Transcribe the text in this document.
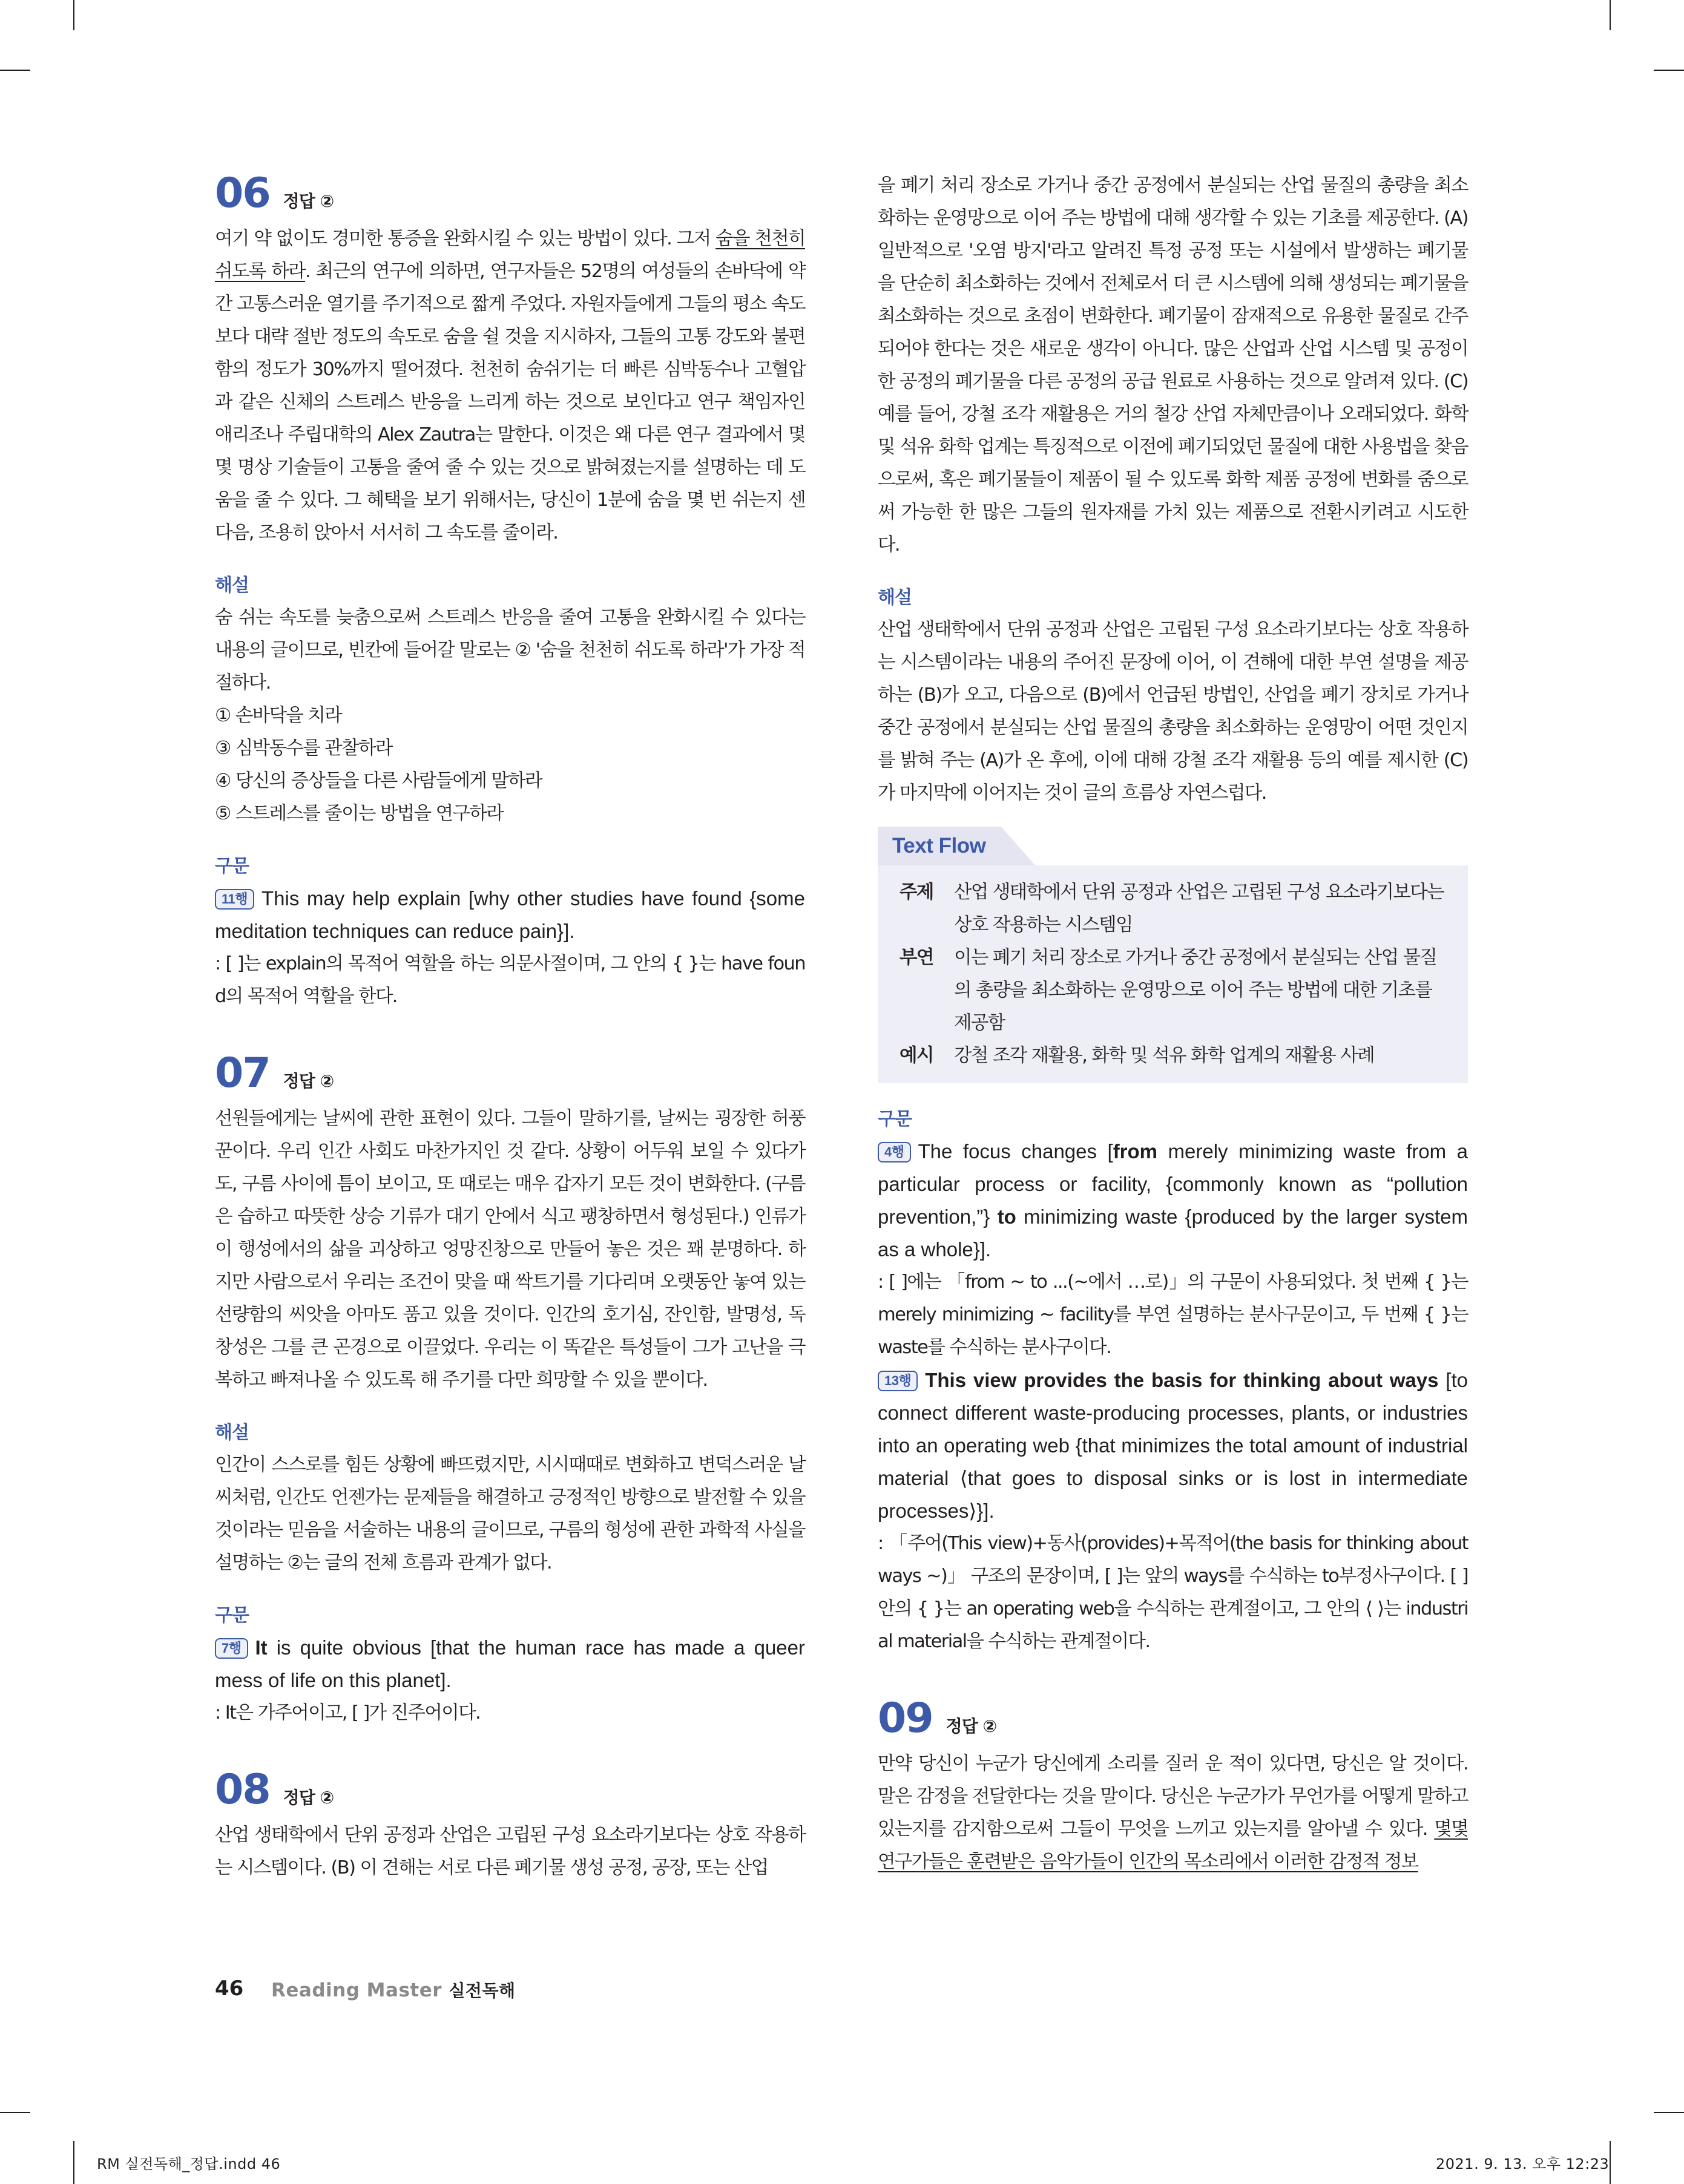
06 정답 ②

여기 약 없이도 경미한 통증을 완화시킬 수 있는 방법이 있다. 그저 숨을 천천히 쉬도록 하라. 최근의 연구에 의하면, 연구자들은 52명의 여성들의 손바닥에 약간 고통스러운 열기를 주기적으로 짧게 주었다. 자원자들에게 그들의 평소 속도보다 대략 절반 정도의 속도로 숨을 쉴 것을 지시하자, 그들의 고통 강도와 불편함의 정도가 30%까지 떨어졌다. 천천히 숨쉬기는 더 빠른 심박동수나 고혈압과 같은 신체의 스트레스 반응을 느리게 하는 것으로 보인다고 연구 책임자인 애리조나 주립대학의 Alex Zautra는 말한다. 이것은 왜 다른 연구 결과에서 몇몇 명상 기술들이 고통을 줄여 줄 수 있는 것으로 밝혀졌는지를 설명하는 데 도움을 줄 수 있다. 그 혜택을 보기 위해서는, 당신이 1분에 숨을 몇 번 쉬는지 센 다음, 조용히 앉아서 서서히 그 속도를 줄이라.

해설

숨 쉬는 속도를 늦춤으로써 스트레스 반응을 줄여 고통을 완화시킬 수 있다는 내용의 글이므로, 빈칸에 들어갈 말로는 ② '숨을 천천히 쉬도록 하라'가 가장 적절하다.

① 손바닥을 치라

③ 심박동수를 관찰하라

④ 당신의 증상들을 다른 사람들에게 말하라

⑤ 스트레스를 줄이는 방법을 연구하라

구문

11행 This may help explain [why other studies have found {some meditation techniques can reduce pain}].

: [ ]는 explain의 목적어 역할을 하는 의문사절이며, 그 안의 { }는 have found의 목적어 역할을 한다.

07 정답 ②

선원들에게는 날씨에 관한 표현이 있다. 그들이 말하기를, 날씨는 굉장한 허풍꾼이다. 우리 인간 사회도 마찬가지인 것 같다. 상황이 어두워 보일 수 있다가도, 구름 사이에 틈이 보이고, 또 때로는 매우 갑자기 모든 것이 변화한다. (구름은 습하고 따뜻한 상승 기류가 대기 안에서 식고 팽창하면서 형성된다.) 인류가 이 행성에서의 삶을 괴상하고 엉망진창으로 만들어 놓은 것은 꽤 분명하다. 하지만 사람으로서 우리는 조건이 맞을 때 싹트기를 기다리며 오랫동안 놓여 있는 선량함의 씨앗을 아마도 품고 있을 것이다. 인간의 호기심, 잔인함, 발명성, 독창성은 그를 큰 곤경으로 이끌었다. 우리는 이 똑같은 특성들이 그가 고난을 극복하고 빠져나올 수 있도록 해 주기를 다만 희망할 수 있을 뿐이다.

해설

인간이 스스로를 힘든 상황에 빠뜨렸지만, 시시때때로 변화하고 변덕스러운 날씨처럼, 인간도 언젠가는 문제들을 해결하고 긍정적인 방향으로 발전할 수 있을 것이라는 믿음을 서술하는 내용의 글이므로, 구름의 형성에 관한 과학적 사실을 설명하는 ②는 글의 전체 흐름과 관계가 없다.

구문

7행 It is quite obvious [that the human race has made a queer mess of life on this planet].

: It은 가주어이고, [ ]가 진주어이다.

08 정답 ②

산업 생태학에서 단위 공정과 산업은 고립된 구성 요소라기보다는 상호 작용하는 시스템이다. (B) 이 견해는 서로 다른 폐기물 생성 공정, 공장, 또는 산업

을 폐기 처리 장소로 가거나 중간 공정에서 분실되는 산업 물질의 총량을 최소화하는 운영망으로 이어 주는 방법에 대해 생각할 수 있는 기초를 제공한다. (A) 일반적으로 '오염 방지'라고 알려진 특정 공정 또는 시설에서 발생하는 폐기물을 단순히 최소화하는 것에서 전체로서 더 큰 시스템에 의해 생성되는 폐기물을 최소화하는 것으로 초점이 변화한다. 폐기물이 잠재적으로 유용한 물질로 간주되어야 한다는 것은 새로운 생각이 아니다. 많은 산업과 산업 시스템 및 공정이 한 공정의 폐기물을 다른 공정의 공급 원료로 사용하는 것으로 알려져 있다. (C) 예를 들어, 강철 조각 재활용은 거의 철강 산업 자체만큼이나 오래되었다. 화학 및 석유 화학 업계는 특징적으로 이전에 폐기되었던 물질에 대한 사용법을 찾음으로써, 혹은 폐기물들이 제품이 될 수 있도록 화학 제품 공정에 변화를 줌으로써 가능한 한 많은 그들의 원자재를 가치 있는 제품으로 전환시키려고 시도한다.

해설

산업 생태학에서 단위 공정과 산업은 고립된 구성 요소라기보다는 상호 작용하는 시스템이라는 내용의 주어진 문장에 이어, 이 견해에 대한 부연 설명을 제공하는 (B)가 오고, 다음으로 (B)에서 언급된 방법인, 산업을 폐기 장치로 가거나 중간 공정에서 분실되는 산업 물질의 총량을 최소화하는 운영망이 어떤 것인지를 밝혀 주는 (A)가 온 후에, 이에 대해 강철 조각 재활용 등의 예를 제시한 (C)가 마지막에 이어지는 것이 글의 흐름상 자연스럽다.

Text Flow
주제	산업 생태학에서 단위 공정과 산업은 고립된 구성 요소라기보다는 상호 작용하는 시스템임
부연	이는 폐기 처리 장소로 가거나 중간 공정에서 분실되는 산업 물질의 총량을 최소화하는 운영망으로 이어 주는 방법에 대한 기초를 제공함
예시	강철 조각 재활용, 화학 및 석유 화학 업계의 재활용 사례
구문

4행 The focus changes [from merely minimizing waste from a particular process or facility, {commonly known as “pollution prevention,”} to minimizing waste {produced by the larger system as a whole}].

: [ ]에는 「from ~ to ...(~에서 …로)」의 구문이 사용되었다. 첫 번째 { }는 merely minimizing ~ facility를 부연 설명하는 분사구문이고, 두 번째 { }는 waste를 수식하는 분사구이다.

13행 This view provides the basis for thinking about ways [to connect different waste-producing processes, plants, or industries into an operating web {that minimizes the total amount of industrial material ⟨that goes to disposal sinks or is lost in intermediate processes⟩}].

: 「주어(This view)+동사(provides)+목적어(the basis for thinking about ways ~)」 구조의 문장이며, [ ]는 앞의 ways를 수식하는 to부정사구이다. [ ] 안의 { }는 an operating web을 수식하는 관계절이고, 그 안의 ⟨ ⟩는 industrial material을 수식하는 관계절이다.

09 정답 ②

만약 당신이 누군가 당신에게 소리를 질러 운 적이 있다면, 당신은 알 것이다. 말은 감정을 전달한다는 것을 말이다. 당신은 누군가가 무언가를 어떻게 말하고 있는지를 감지함으로써 그들이 무엇을 느끼고 있는지를 알아낼 수 있다. 몇몇 연구가들은 훈련받은 음악가들이 인간의 목소리에서 이러한 감정적 정보

46 Reading Master 실전독해
RM 실전독해_정답.indd 46	2021. 9. 13. 오후 12:23
